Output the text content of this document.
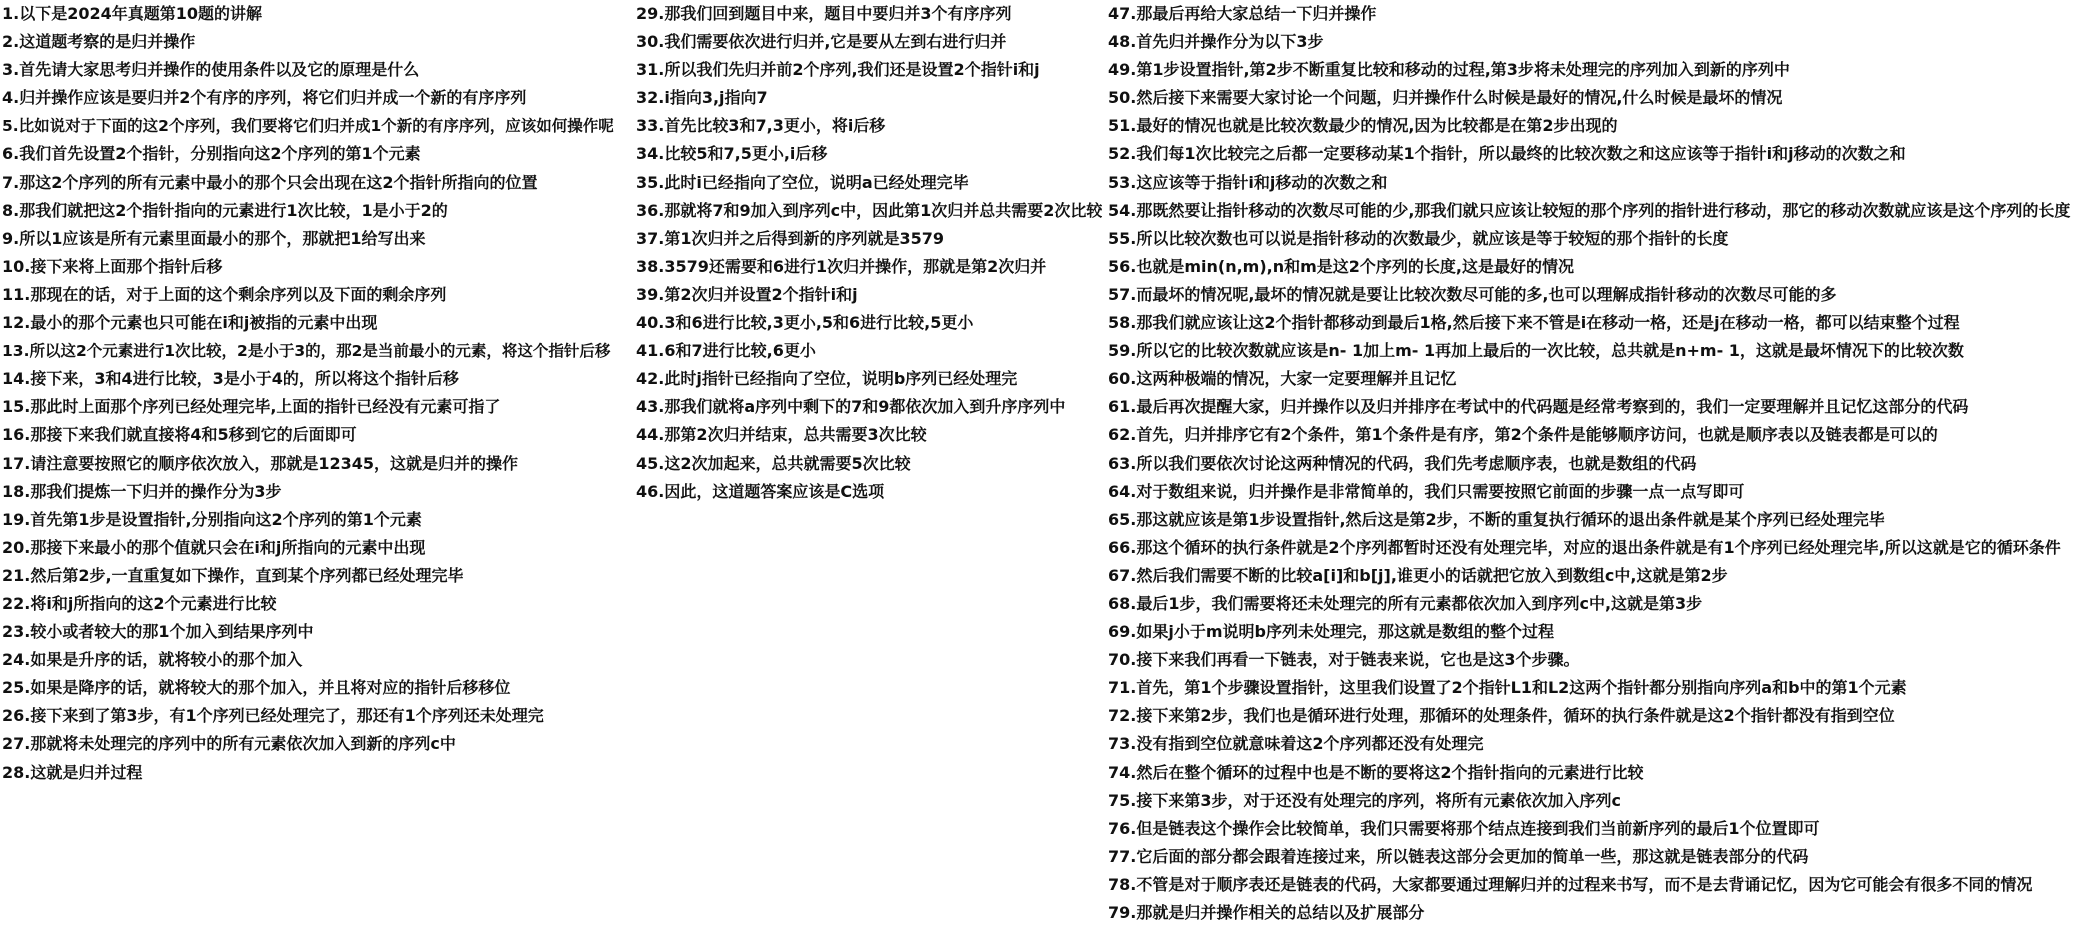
1.以下是2024年真题第10题的讲解
2.这道题考察的是归并操作
3.首先请大家思考归并操作的使用条件以及它的原理是什么
4.归并操作应该是要归并2个有序的序列，将它们归并成一个新的有序序列
5.比如说对于下面的这2个序列，我们要将它们归并成1个新的有序序列，应该如何操作呢
6.我们首先设置2个指针，分别指向这2个序列的第1个元素
7.那这2个序列的所有元素中最小的那个只会出现在这2个指针所指向的位置
8.那我们就把这2个指针指向的元素进行1次比较，1是小于2的
9.所以1应该是所有元素里面最小的那个，那就把1给写出来
10.接下来将上面那个指针后移
11.那现在的话，对于上面的这个剩余序列以及下面的剩余序列
12.最小的那个元素也只可能在i和j被指的元素中出现
13.所以这2个元素进行1次比较，2是小于3的，那2是当前最小的元素，将这个指针后移
14.接下来，3和4进行比较，3是小于4的，所以将这个指针后移
15.那此时上面那个序列已经处理完毕,上面的指针已经没有元素可指了
16.那接下来我们就直接将4和5移到它的后面即可
17.请注意要按照它的顺序依次放入，那就是12345，这就是归并的操作
18.那我们提炼一下归并的操作分为3步
19.首先第1步是设置指针,分别指向这2个序列的第1个元素
20.那接下来最小的那个值就只会在i和j所指向的元素中出现
21.然后第2步,一直重复如下操作，直到某个序列都已经处理完毕
22.将i和j所指向的这2个元素进行比较
23.较小或者较大的那1个加入到结果序列中
24.如果是升序的话，就将较小的那个加入
25.如果是降序的话，就将较大的那个加入，并且将对应的指针后移移位
26.接下来到了第3步，有1个序列已经处理完了，那还有1个序列还未处理完
27.那就将未处理完的序列中的所有元素依次加入到新的序列c中
28.这就是归并过程
29.那我们回到题目中来，题目中要归并3个有序序列
30.我们需要依次进行归并,它是要从左到右进行归并
31.所以我们先归并前2个序列,我们还是设置2个指针i和j
32.i指向3,j指向7
33.首先比较3和7,3更小，将i后移
34.比较5和7,5更小,i后移
35.此时i已经指向了空位，说明a已经处理完毕
36.那就将7和9加入到序列c中，因此第1次归并总共需要2次比较
37.第1次归并之后得到新的序列就是3579
38.3579还需要和6进行1次归并操作，那就是第2次归并
39.第2次归并设置2个指针i和j
40.3和6进行比较,3更小,5和6进行比较,5更小
41.6和7进行比较,6更小
42.此时j指针已经指向了空位，说明b序列已经处理完
43.那我们就将a序列中剩下的7和9都依次加入到升序序列中
44.那第2次归并结束，总共需要3次比较
45.这2次加起来，总共就需要5次比较
46.因此，这道题答案应该是C选项
47.那最后再给大家总结一下归并操作
48.首先归并操作分为以下3步
49.第1步设置指针,第2步不断重复比较和移动的过程,第3步将未处理完的序列加入到新的序列中
50.然后接下来需要大家讨论一个问题，归并操作什么时候是最好的情况,什么时候是最坏的情况
51.最好的情况也就是比较次数最少的情况,因为比较都是在第2步出现的
52.我们每1次比较完之后都一定要移动某1个指针，所以最终的比较次数之和这应该等于指针i和j移动的次数之和
53.这应该等于指针i和j移动的次数之和
54.那既然要让指针移动的次数尽可能的少,那我们就只应该让较短的那个序列的指针进行移动，那它的移动次数就应该是这个序列的长度
55.所以比较次数也可以说是指针移动的次数最少，就应该是等于较短的那个指针的长度
56.也就是min(n,m),n和m是这2个序列的长度,这是最好的情况
57.而最坏的情况呢,最坏的情况就是要让比较次数尽可能的多,也可以理解成指针移动的次数尽可能的多
58.那我们就应该让这2个指针都移动到最后1格,然后接下来不管是i在移动一格，还是j在移动一格，都可以结束整个过程
59.所以它的比较次数就应该是n- 1加上m- 1再加上最后的一次比较，总共就是n+m- 1，这就是最坏情况下的比较次数
60.这两种极端的情况，大家一定要理解并且记忆
61.最后再次提醒大家，归并操作以及归并排序在考试中的代码题是经常考察到的，我们一定要理解并且记忆这部分的代码
62.首先，归并排序它有2个条件，第1个条件是有序，第2个条件是能够顺序访问，也就是顺序表以及链表都是可以的
63.所以我们要依次讨论这两种情况的代码，我们先考虑顺序表，也就是数组的代码
64.对于数组来说，归并操作是非常简单的，我们只需要按照它前面的步骤一点一点写即可
65.那这就应该是第1步设置指针,然后这是第2步，不断的重复执行循环的退出条件就是某个序列已经处理完毕
66.那这个循环的执行条件就是2个序列都暂时还没有处理完毕，对应的退出条件就是有1个序列已经处理完毕,所以这就是它的循环条件
67.然后我们需要不断的比较a[i]和b[j],谁更小的话就把它放入到数组c中,这就是第2步
68.最后1步，我们需要将还未处理完的所有元素都依次加入到序列c中,这就是第3步
69.如果j小于m说明b序列未处理完，那这就是数组的整个过程
70.接下来我们再看一下链表，对于链表来说，它也是这3个步骤。
71.首先，第1个步骤设置指针，这里我们设置了2个指针L1和L2这两个指针都分别指向序列a和b中的第1个元素
72.接下来第2步，我们也是循环进行处理，那循环的处理条件，循环的执行条件就是这2个指针都没有指到空位
73.没有指到空位就意味着这2个序列都还没有处理完
74.然后在整个循环的过程中也是不断的要将这2个指针指向的元素进行比较
75.接下来第3步，对于还没有处理完的序列，将所有元素依次加入序列c
76.但是链表这个操作会比较简单，我们只需要将那个结点连接到我们当前新序列的最后1个位置即可
77.它后面的部分都会跟着连接过来，所以链表这部分会更加的简单一些，那这就是链表部分的代码
78.不管是对于顺序表还是链表的代码，大家都要通过理解归并的过程来书写，而不是去背诵记忆，因为它可能会有很多不同的情况
79.那就是归并操作相关的总结以及扩展部分
